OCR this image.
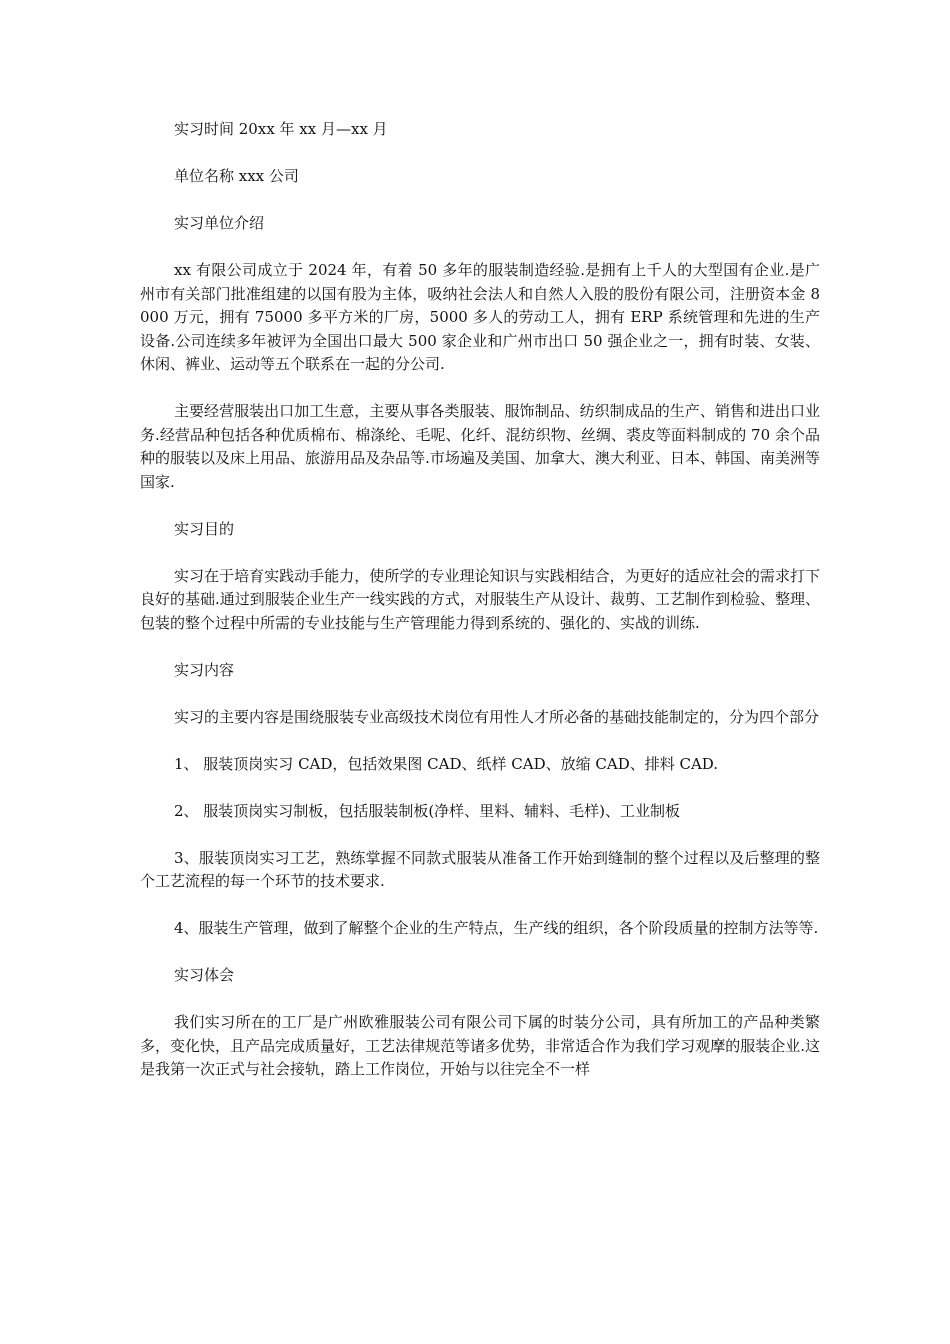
实习时间 20xx 年 xx 月—xx 月

单位名称 xxx 公司

实习单位介绍

xx 有限公司成立于 2024 年，有着 50 多年的服装制造经验.是拥有上千人的大型国有企业.是广州市有关部门批准组建的以国有股为主体，吸纳社会法人和自然人入股的股份有限公司，注册资本金 8000 万元，拥有 75000 多平方米的厂房，5000 多人的劳动工人，拥有 ERP 系统管理和先进的生产设备.公司连续多年被评为全国出口最大 500 家企业和广州市出口 50 强企业之一，拥有时装、女装、休闲、裤业、运动等五个联系在一起的分公司.

主要经营服装出口加工生意，主要从事各类服装、服饰制品、纺织制成品的生产、销售和进出口业务.经营品种包括各种优质棉布、棉涤纶、毛呢、化纤、混纺织物、丝绸、裘皮等面料制成的 70 余个品种的服装以及床上用品、旅游用品及杂品等.市场遍及美国、加拿大、澳大利亚、日本、韩国、南美洲等国家.

实习目的

实习在于培育实践动手能力，使所学的专业理论知识与实践相结合，为更好的适应社会的需求打下良好的基础.通过到服装企业生产一线实践的方式，对服装生产从设计、裁剪、工艺制作到检验、整理、包装的整个过程中所需的专业技能与生产管理能力得到系统的、强化的、实战的训练.

实习内容

实习的主要内容是围绕服装专业高级技术岗位有用性人才所必备的基础技能制定的，分为四个部分

1、 服装顶岗实习 CAD，包括效果图 CAD、纸样 CAD、放缩 CAD、排料 CAD.

2、 服装顶岗实习制板，包括服装制板(净样、里料、辅料、毛样)、工业制板

3、服装顶岗实习工艺，熟练掌握不同款式服装从准备工作开始到缝制的整个过程以及后整理的整个工艺流程的每一个环节的技术要求.

4、服装生产管理，做到了解整个企业的生产特点，生产线的组织，各个阶段质量的控制方法等等.

实习体会

我们实习所在的工厂是广州欧雅服装公司有限公司下属的时装分公司，具有所加工的产品种类繁多，变化快，且产品完成质量好，工艺法律规范等诸多优势，非常适合作为我们学习观摩的服装企业.这是我第一次正式与社会接轨，踏上工作岗位，开始与以往完全不一样
